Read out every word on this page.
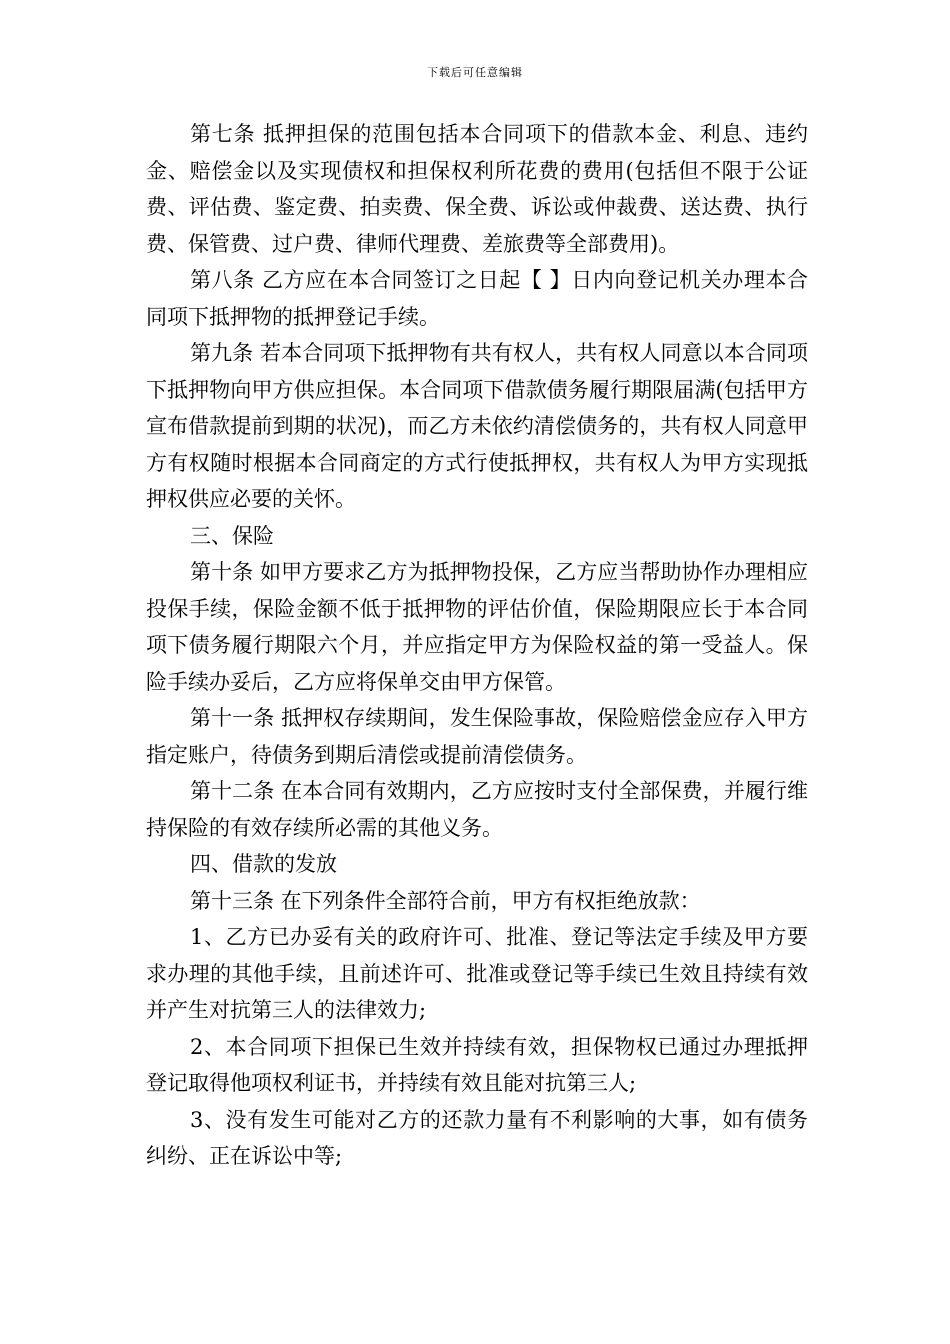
下载后可任意编辑

第七条 抵押担保的范围包括本合同项下的借款本金、利息、违约金、赔偿金以及实现债权和担保权利所花费的费用(包括但不限于公证费、评估费、鉴定费、拍卖费、保全费、诉讼或仲裁费、送达费、执行费、保管费、过户费、律师代理费、差旅费等全部费用)。

第八条 乙方应在本合同签订之日起【 】日内向登记机关办理本合同项下抵押物的抵押登记手续。

第九条 若本合同项下抵押物有共有权人，共有权人同意以本合同项下抵押物向甲方供应担保。本合同项下借款债务履行期限届满(包括甲方宣布借款提前到期的状况)，而乙方未依约清偿债务的，共有权人同意甲方有权随时根据本合同商定的方式行使抵押权，共有权人为甲方实现抵押权供应必要的关怀。

三、保险

第十条 如甲方要求乙方为抵押物投保，乙方应当帮助协作办理相应投保手续，保险金额不低于抵押物的评估价值，保险期限应长于本合同项下债务履行期限六个月，并应指定甲方为保险权益的第一受益人。保险手续办妥后，乙方应将保单交由甲方保管。

第十一条 抵押权存续期间，发生保险事故，保险赔偿金应存入甲方指定账户，待债务到期后清偿或提前清偿债务。

第十二条 在本合同有效期内，乙方应按时支付全部保费，并履行维持保险的有效存续所必需的其他义务。

四、借款的发放

第十三条 在下列条件全部符合前，甲方有权拒绝放款：

1、乙方已办妥有关的政府许可、批准、登记等法定手续及甲方要求办理的其他手续，且前述许可、批准或登记等手续已生效且持续有效并产生对抗第三人的法律效力;

2、本合同项下担保已生效并持续有效，担保物权已通过办理抵押登记取得他项权利证书，并持续有效且能对抗第三人;

3、没有发生可能对乙方的还款力量有不利影响的大事，如有债务纠纷、正在诉讼中等;
